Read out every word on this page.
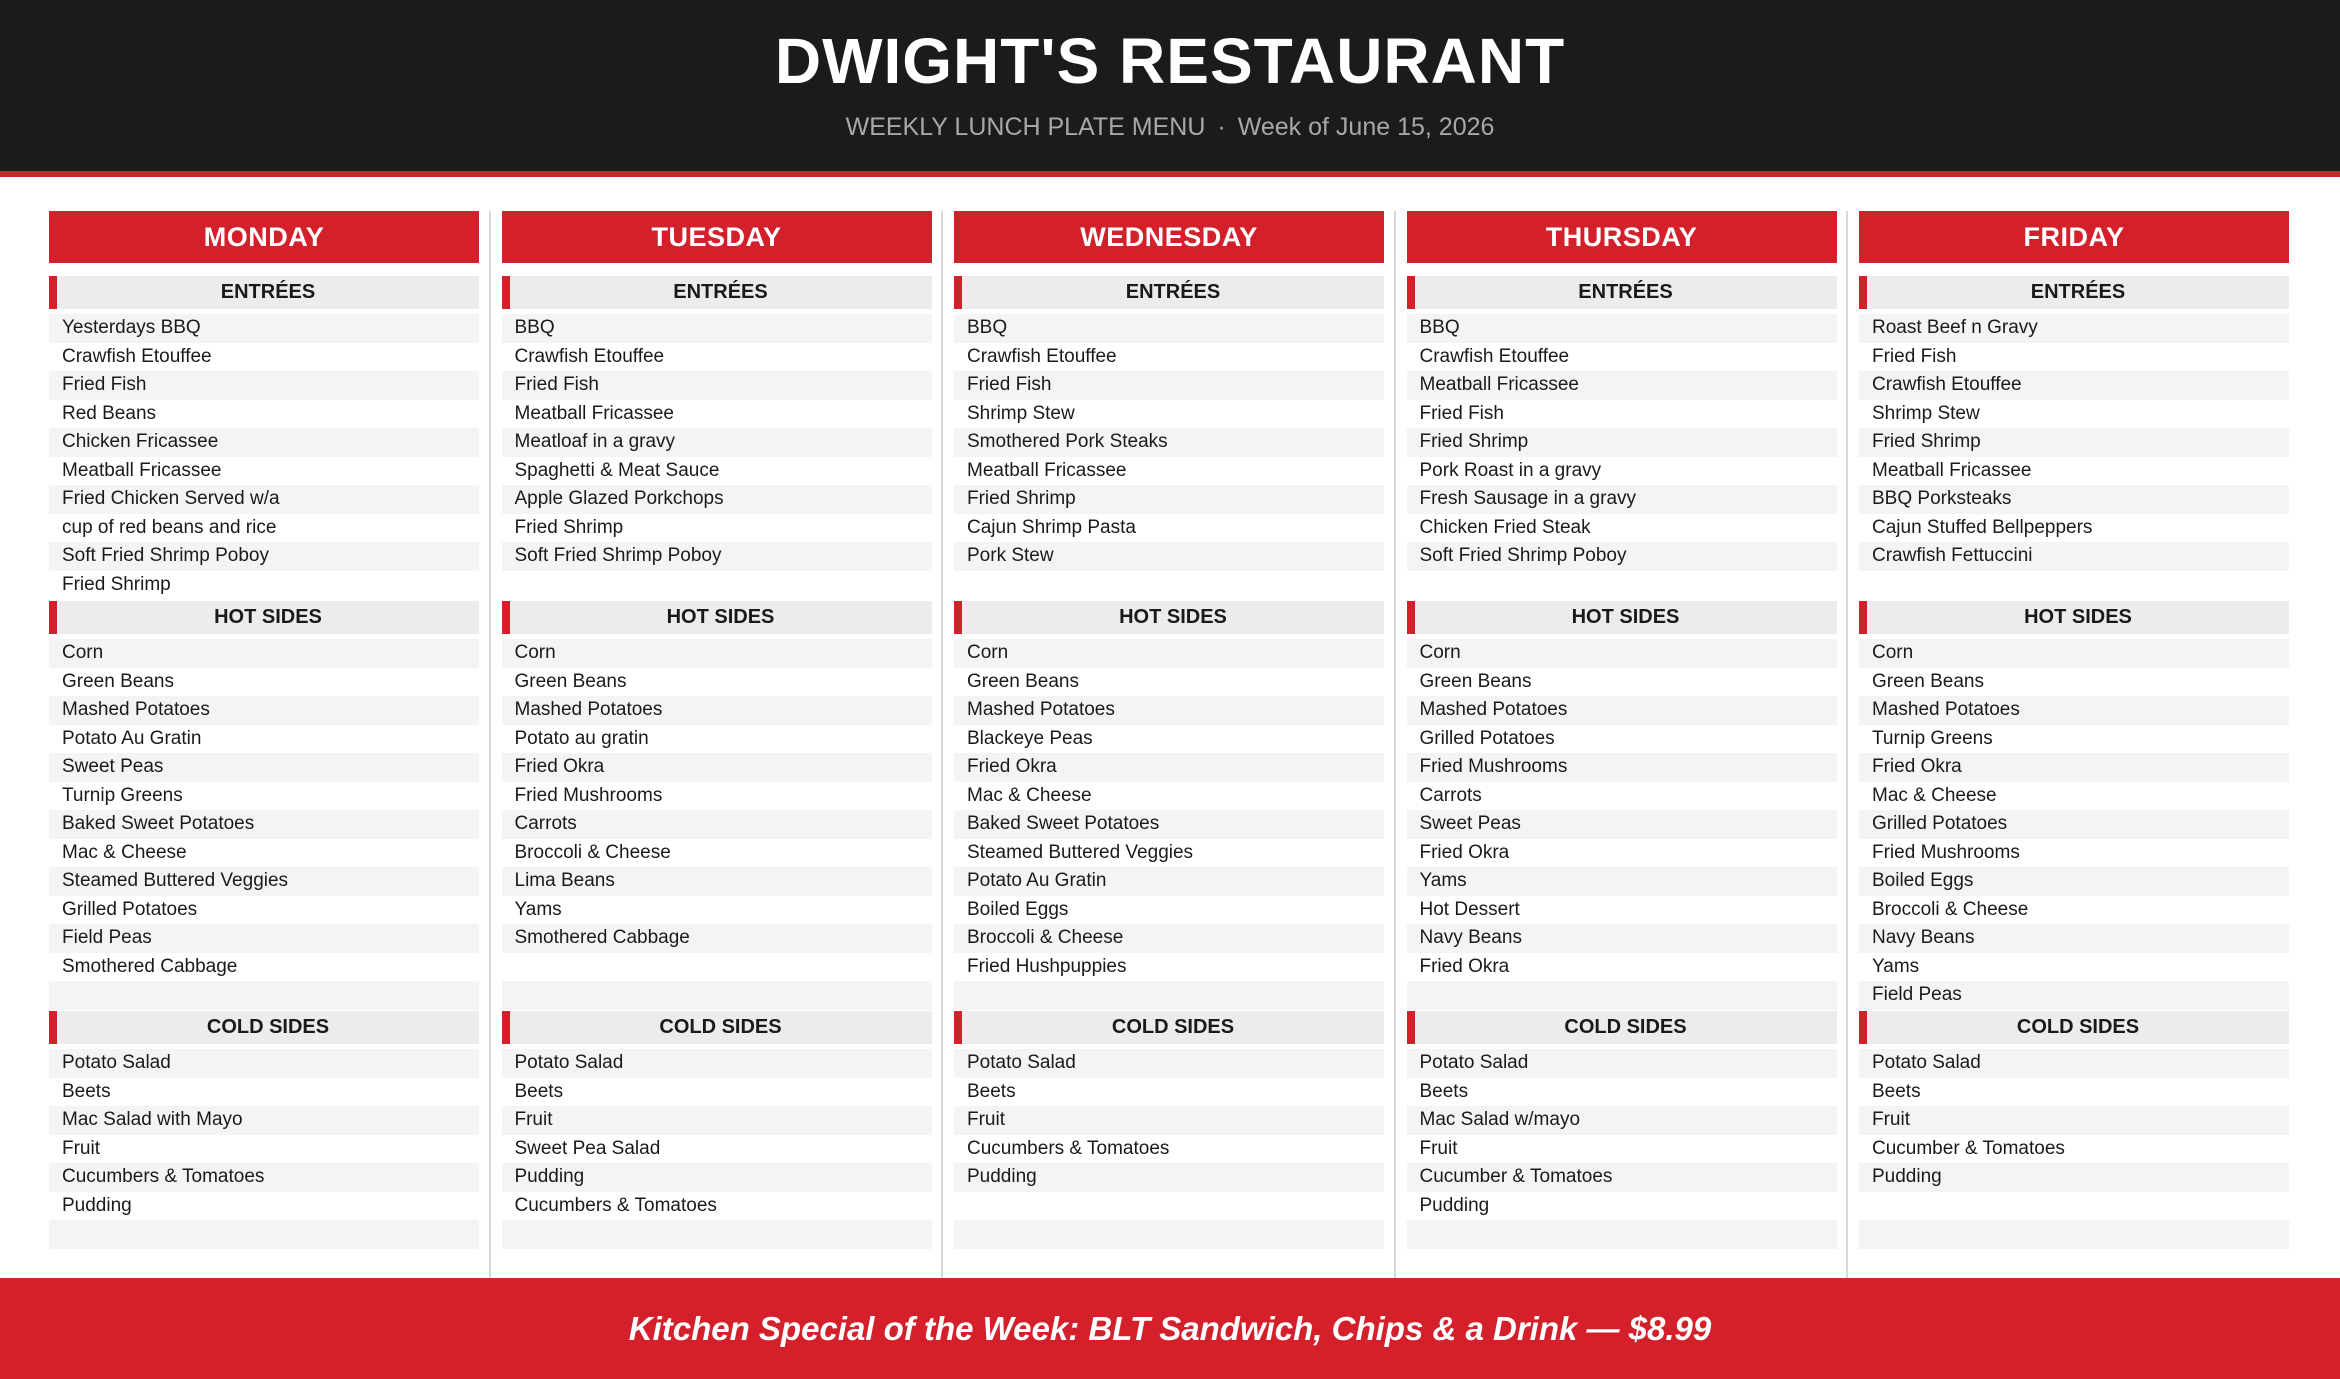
DWIGHT'S RESTAURANT
WEEKLY LUNCH PLATE MENU · Week of June 15, 2026
MONDAY
ENTRÉES
Yesterdays BBQ
Crawfish Etouffee
Fried Fish
Red Beans
Chicken Fricassee
Meatball Fricassee
Fried Chicken Served w/a
cup of red beans and rice
Soft Fried Shrimp Poboy
Fried Shrimp
HOT SIDES
Corn
Green Beans
Mashed Potatoes
Potato Au Gratin
Sweet Peas
Turnip Greens
Baked Sweet Potatoes
Mac & Cheese
Steamed Buttered Veggies
Grilled Potatoes
Field Peas
Smothered Cabbage
COLD SIDES
Potato Salad
Beets
Mac Salad with Mayo
Fruit
Cucumbers & Tomatoes
Pudding
TUESDAY
ENTRÉES
BBQ
Crawfish Etouffee
Fried Fish
Meatball Fricassee
Meatloaf in a gravy
Spaghetti & Meat Sauce
Apple Glazed Porkchops
Fried Shrimp
Soft Fried Shrimp Poboy
HOT SIDES
Corn
Green Beans
Mashed Potatoes
Potato au gratin
Fried Okra
Fried Mushrooms
Carrots
Broccoli & Cheese
Lima Beans
Yams
Smothered Cabbage
COLD SIDES
Potato Salad
Beets
Fruit
Sweet Pea Salad
Pudding
Cucumbers & Tomatoes
WEDNESDAY
ENTRÉES
BBQ
Crawfish Etouffee
Fried Fish
Shrimp Stew
Smothered Pork Steaks
Meatball Fricassee
Fried Shrimp
Cajun Shrimp Pasta
Pork Stew
HOT SIDES
Corn
Green Beans
Mashed Potatoes
Blackeye Peas
Fried Okra
Mac & Cheese
Baked Sweet Potatoes
Steamed Buttered Veggies
Potato Au Gratin
Boiled Eggs
Broccoli & Cheese
Fried Hushpuppies
COLD SIDES
Potato Salad
Beets
Fruit
Cucumbers & Tomatoes
Pudding
THURSDAY
ENTRÉES
BBQ
Crawfish Etouffee
Meatball Fricassee
Fried Fish
Fried Shrimp
Pork Roast in a gravy
Fresh Sausage in a gravy
Chicken Fried Steak
Soft Fried Shrimp Poboy
HOT SIDES
Corn
Green Beans
Mashed Potatoes
Grilled Potatoes
Fried Mushrooms
Carrots
Sweet Peas
Fried Okra
Yams
Hot Dessert
Navy Beans
Fried Okra
COLD SIDES
Potato Salad
Beets
Mac Salad w/mayo
Fruit
Cucumber & Tomatoes
Pudding
FRIDAY
ENTRÉES
Roast Beef n Gravy
Fried Fish
Crawfish Etouffee
Shrimp Stew
Fried Shrimp
Meatball Fricassee
BBQ Porksteaks
Cajun Stuffed Bellpeppers
Crawfish Fettuccini
HOT SIDES
Corn
Green Beans
Mashed Potatoes
Turnip Greens
Fried Okra
Mac & Cheese
Grilled Potatoes
Fried Mushrooms
Boiled Eggs
Broccoli & Cheese
Navy Beans
Yams
Field Peas
COLD SIDES
Potato Salad
Beets
Fruit
Cucumber & Tomatoes
Pudding
Kitchen Special of the Week: BLT Sandwich, Chips & a Drink — $8.99
